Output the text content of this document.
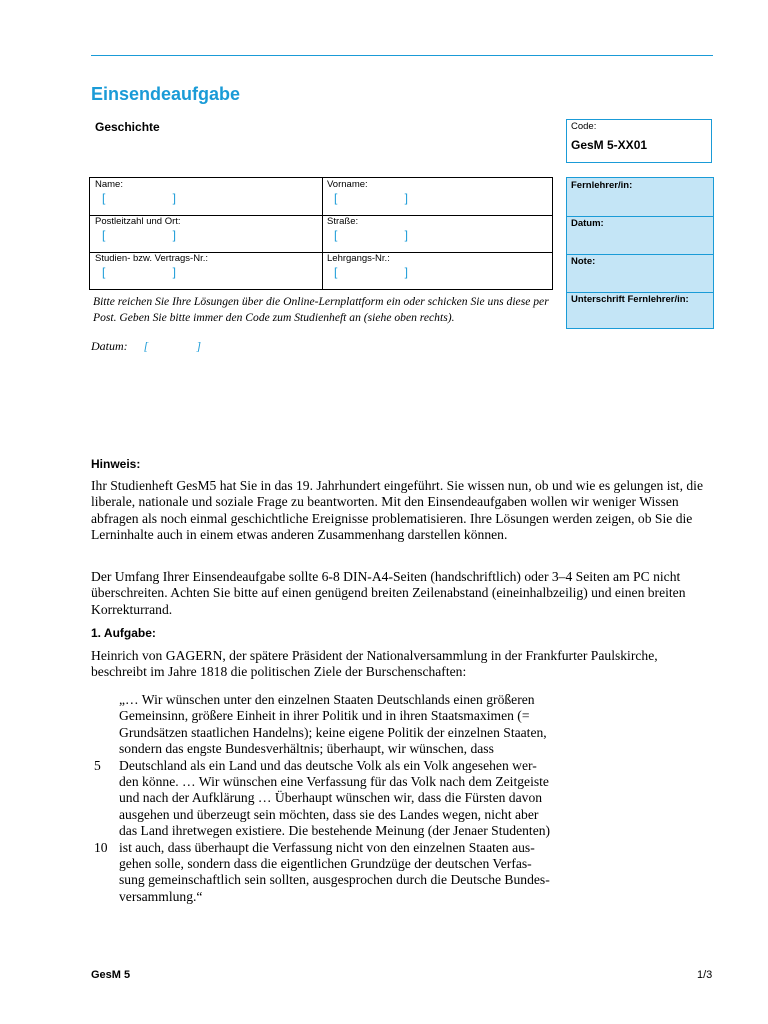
Einsendeaufgabe
Geschichte	Code:
GesM 5-XX01
Name:
[	]
Vorname:
[	]
Postleitzahl und Ort:
[	]
Straße:
[	]
Studien- bzw. Vertrags-Nr.:
[	]
Lehrgangs-Nr.:
[	]
Fernlehrer/in:
Datum:
Note:
Unterschrift Fernlehrer/in:
Bitte reichen Sie Ihre Lösungen über die Online-Lernplattform ein oder schicken Sie uns diese per Post. Geben Sie bitte immer den Code zum Studienheft an (siehe oben rechts).
Datum: [                ]
Hinweis:
Ihr Studienheft GesM5 hat Sie in das 19. Jahrhundert eingeführt. Sie wissen nun, ob und wie es gelungen ist, die liberale, nationale und soziale Frage zu beantworten. Mit den Einsendeaufgaben wollen wir weniger Wissen abfragen als noch einmal geschichtliche Ereignisse problematisieren. Ihre Lösungen werden zeigen, ob Sie die Lerninhalte auch in einem etwas anderen Zusammenhang darstellen können.
Der Umfang Ihrer Einsendeaufgabe sollte 6-8 DIN-A4-Seiten (handschriftlich) oder 3–4 Seiten am PC nicht überschreiten. Achten Sie bitte auf einen genügend breiten Zeilenabstand (eineinhalbzeilig) und einen breiten Korrekturrand.
1. Aufgabe:
Heinrich von GAGERN, der spätere Präsident der Nationalversammlung in der Frankfurter Paulskirche, beschreibt im Jahre 1818 die politischen Ziele der Burschenschaften:
„… Wir wünschen unter den einzelnen Staaten Deutschlands einen größeren
Gemeinsinn, größere Einheit in ihrer Politik und in ihren Staatsmaximen (=
Grundsätzen staatlichen Handelns); keine eigene Politik der einzelnen Staaten,
sondern das engste Bundesverhältnis; überhaupt, wir wünschen, dass
Deutschland als ein Land und das deutsche Volk als ein Volk angesehen wer-
den könne. … Wir wünschen eine Verfassung für das Volk nach dem Zeitgeiste
und nach der Aufklärung … Überhaupt wünschen wir, dass die Fürsten davon
ausgehen und überzeugt sein möchten, dass sie des Landes wegen, nicht aber
das Land ihretwegen existiere. Die bestehende Meinung (der Jenaer Studenten)
ist auch, dass überhaupt die Verfassung nicht von den einzelnen Staaten aus-
gehen solle, sondern dass die eigentlichen Grundzüge der deutschen Verfas-
sung gemeinschaftlich sein sollten, ausgesprochen durch die Deutsche Bundes-
versammlung.“
5
10
GesM 5	1/3
